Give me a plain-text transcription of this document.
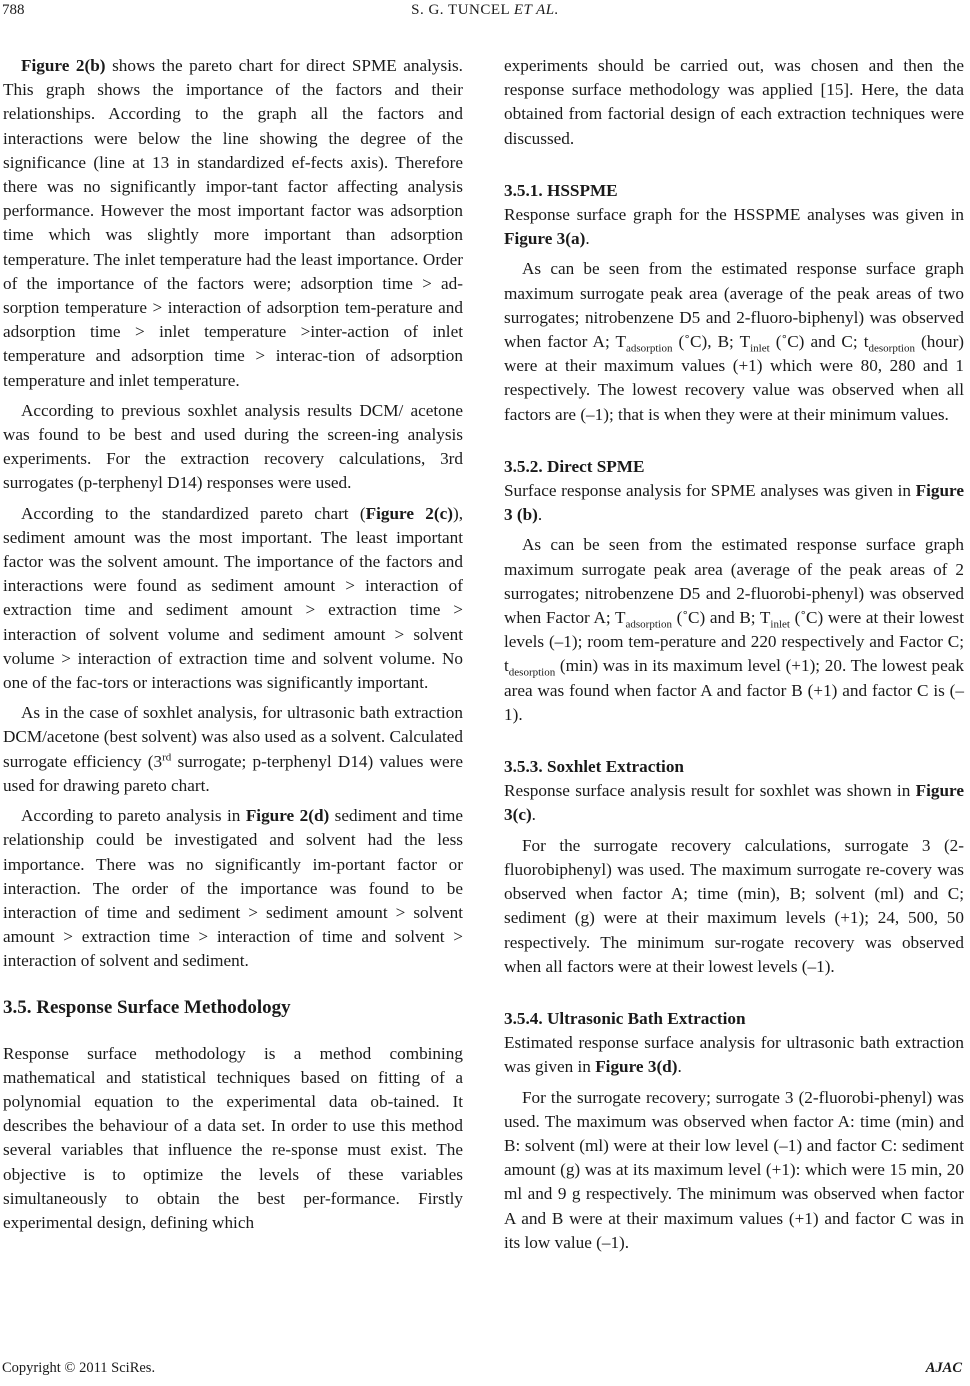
788	S. G. TUNCEL ET AL.

Figure 2(b) shows the pareto chart for direct SPME analysis. This graph shows the importance of the factors and their relationships. According to the graph all the factors and interactions were below the line showing the degree of the significance (line at 13 in standardized ef-fects axis). Therefore there was no significantly impor-tant factor affecting analysis performance. However the most important factor was adsorption time which was slightly more important than adsorption temperature. The inlet temperature had the least importance. Order of the importance of the factors were; adsorption time > ad-sorption temperature > interaction of adsorption tem-perature and adsorption time > inlet temperature >inter-action of inlet temperature and adsorption time > interac-tion of adsorption temperature and inlet temperature.

According to previous soxhlet analysis results DCM/ acetone was found to be best and used during the screen-ing analysis experiments. For the extraction recovery calculations, 3rd surrogates (p-terphenyl D14) responses were used.

According to the standardized pareto chart (Figure 2(c)), sediment amount was the most important. The least important factor was the solvent amount. The importance of the factors and interactions were found as sediment amount > interaction of extraction time and sediment amount > extraction time > interaction of solvent volume and sediment amount > solvent volume > interaction of extraction time and solvent volume. No one of the fac-tors or interactions was significantly important.

As in the case of soxhlet analysis, for ultrasonic bath extraction DCM/acetone (best solvent) was also used as a solvent. Calculated surrogate efficiency (3rd surrogate; p-terphenyl D14) values were used for drawing pareto chart.

According to pareto analysis in Figure 2(d) sediment and time relationship could be investigated and solvent had the less importance. There was no significantly im-portant factor or interaction. The order of the importance was found to be interaction of time and sediment > sediment amount > solvent amount > extraction time > interaction of time and solvent > interaction of solvent and sediment.

3.5. Response Surface Methodology

Response surface methodology is a method combining mathematical and statistical techniques based on fitting of a polynomial equation to the experimental data ob-tained. It describes the behaviour of a data set. In order to use this method several variables that influence the re-sponse must exist. The objective is to optimize the levels of these variables simultaneously to obtain the best per-formance. Firstly experimental design, defining which

experiments should be carried out, was chosen and then the response surface methodology was applied [15]. Here, the data obtained from factorial design of each extraction techniques were discussed.

3.5.1. HSSPME

Response surface graph for the HSSPME analyses was given in Figure 3(a).

As can be seen from the estimated response surface graph maximum surrogate peak area (average of the peak areas of two surrogates; nitrobenzene D5 and 2-fluoro-biphenyl) was observed when factor A; $T_{adsorption}$ (˚C), B; $T_{inlet}$ (˚C) and C; $t_{desorption}$ (hour) were at their maximum values (+1) which were 80, 280 and 1 respectively. The lowest recovery value was observed when all factors are (–1); that is when they were at their minimum values.

3.5.2. Direct SPME

Surface response analysis for SPME analyses was given in Figure 3 (b).

As can be seen from the estimated response surface graph maximum surrogate peak area (average of the peak areas of 2 surrogates; nitrobenzene D5 and 2-fluorobi-phenyl) was observed when Factor A; $T_{adsorption}$ (˚C) and B; $T_{inlet}$ (˚C) were at their lowest levels (–1); room tem-perature and 220 respectively and Factor C; $t_{desorption}$ (min) was in its maximum level (+1); 20. The lowest peak area was found when factor A and factor B (+1) and factor C is (–1).

3.5.3. Soxhlet Extraction

Response surface analysis result for soxhlet was shown in Figure 3(c).

For the surrogate recovery calculations, surrogate 3 (2-fluorobiphenyl) was used. The maximum surrogate re-covery was observed when factor A; time (min), B; solvent (ml) and C; sediment (g) were at their maximum levels (+1); 24, 500, 50 respectively. The minimum sur-rogate recovery was observed when all factors were at their lowest levels (–1).

3.5.4. Ultrasonic Bath Extraction

Estimated response surface analysis for ultrasonic bath extraction was given in Figure 3(d).

For the surrogate recovery; surrogate 3 (2-fluorobi-phenyl) was used. The maximum was observed when factor A: time (min) and B: solvent (ml) were at their low level (–1) and factor C: sediment amount (g) was at its maximum level (+1): which were 15 min, 20 ml and 9 g respectively. The minimum was observed when factor A and B were at their maximum values (+1) and factor C was in its low value (–1).

Copyright © 2011 SciRes.	AJAC
